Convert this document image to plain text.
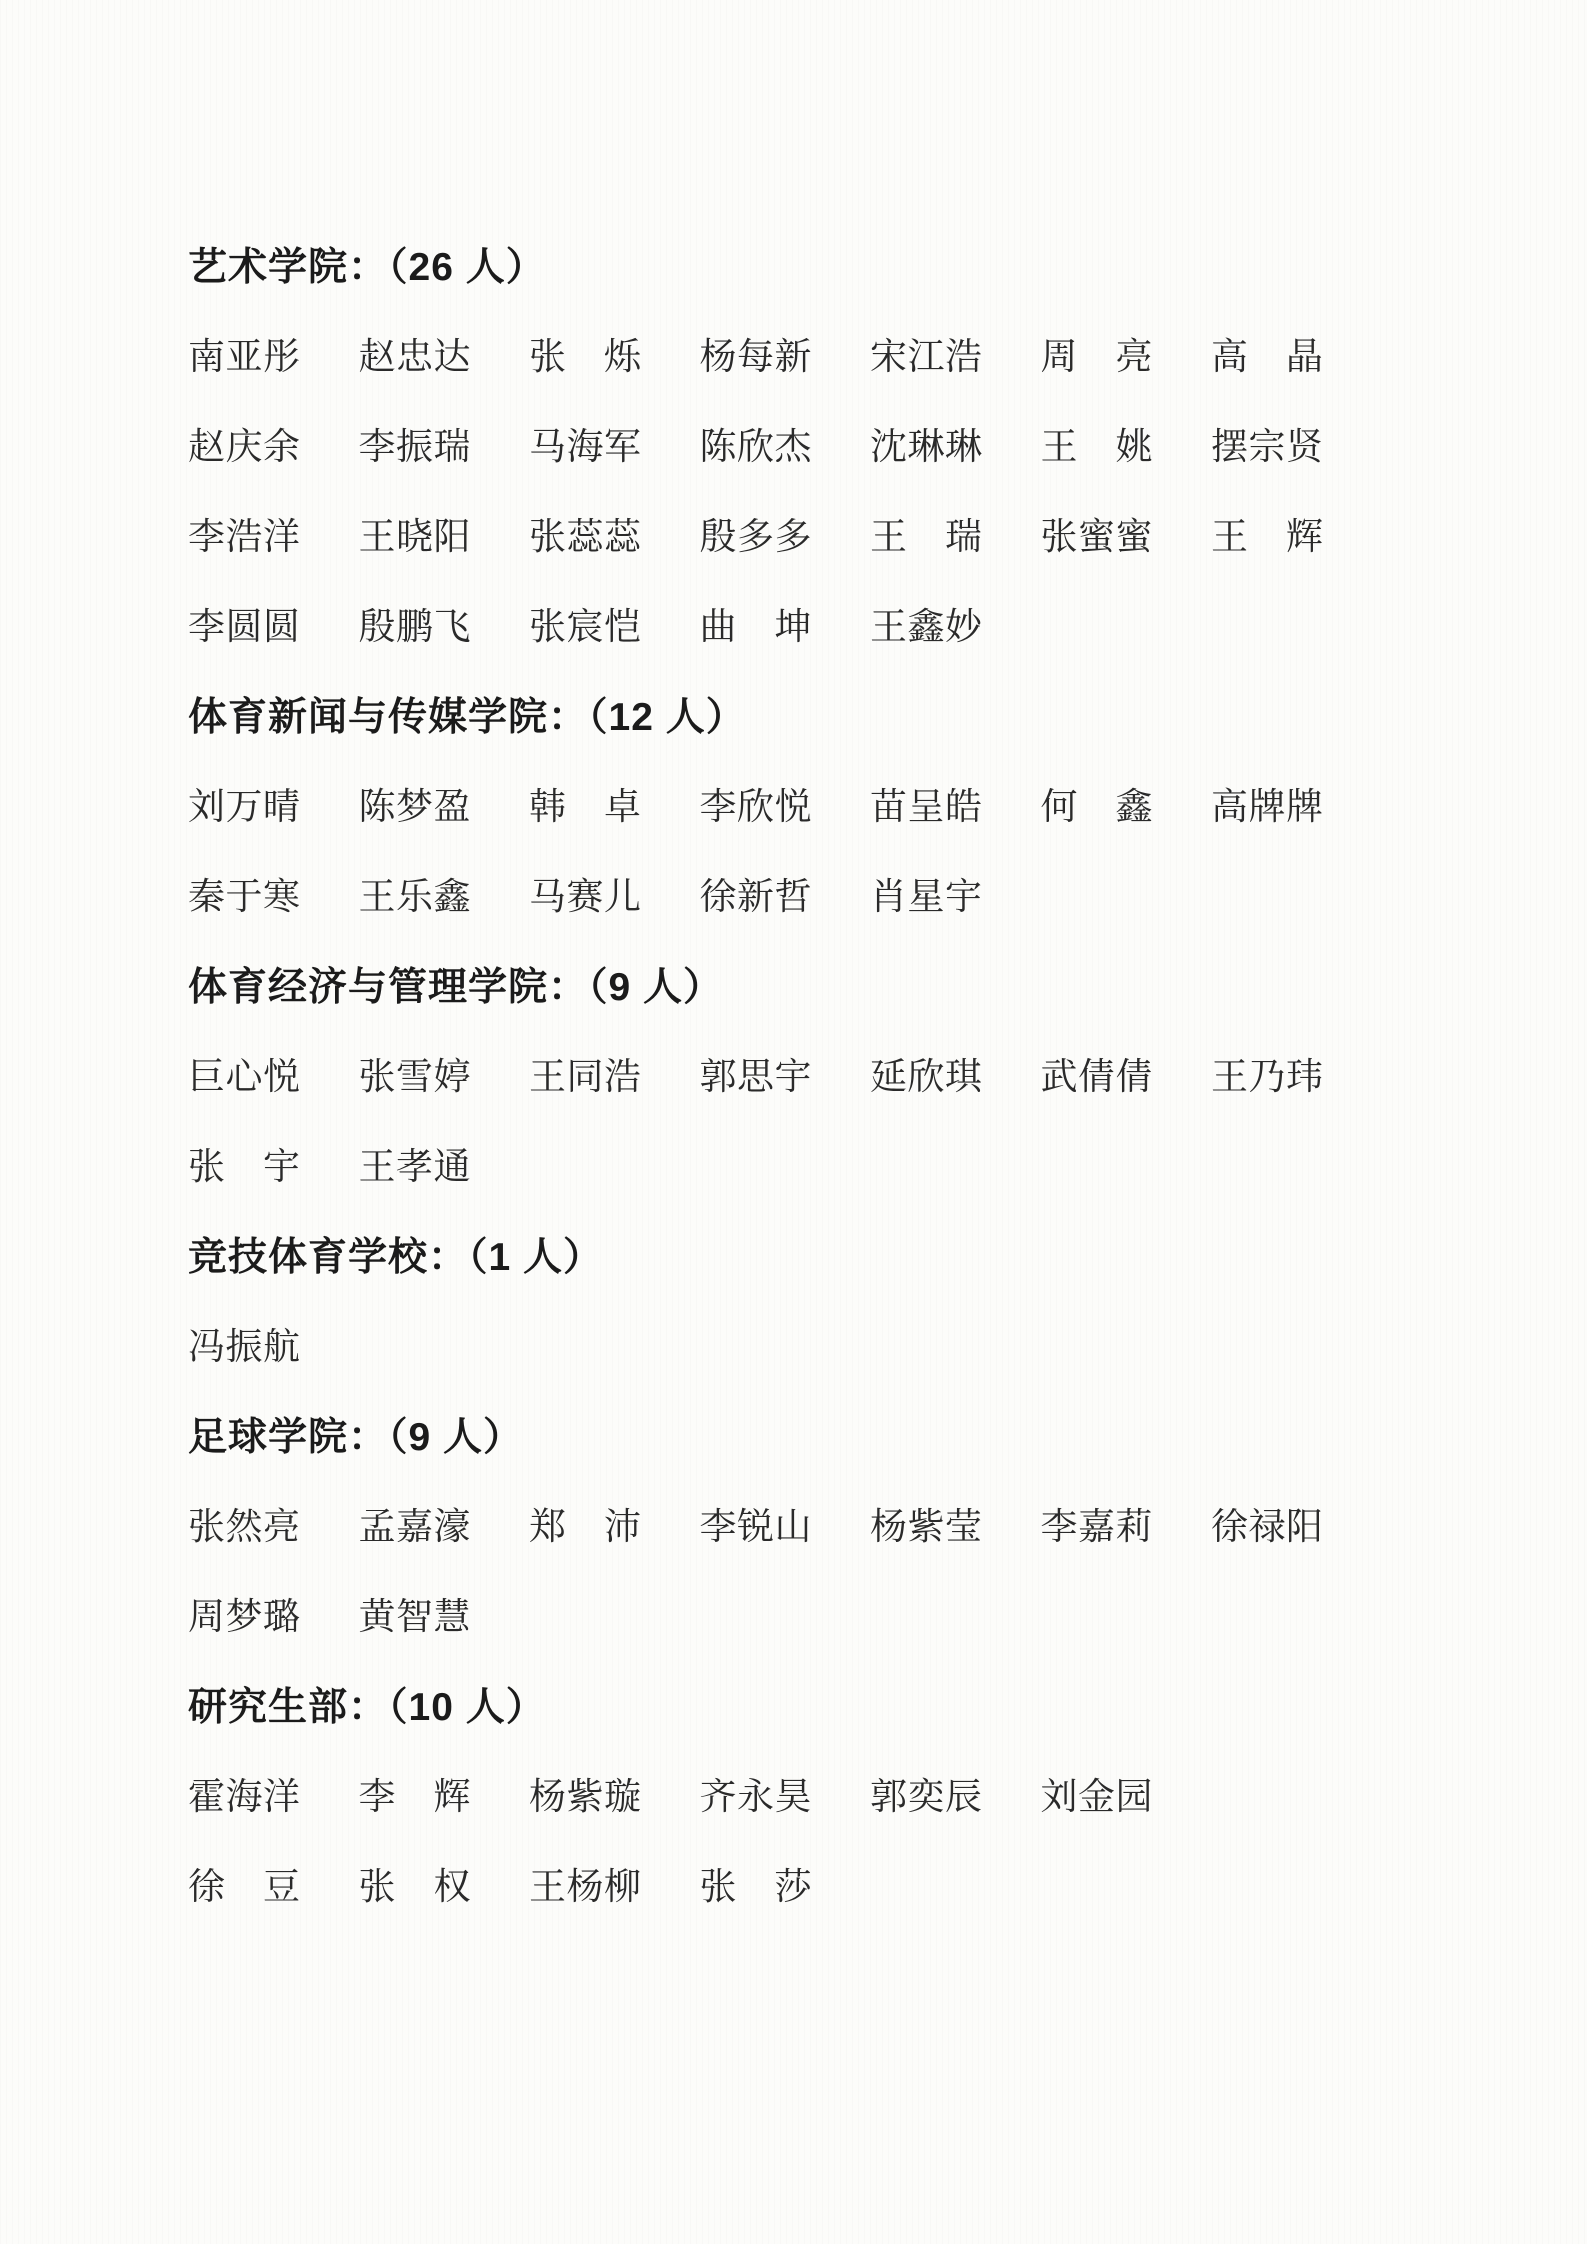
艺术学院：（26 人）
南亚彤 赵忠达 张　烁 杨每新 宋江浩 周　亮 高　晶
赵庆余 李振瑞 马海军 陈欣杰 沈琳琳 王　姚 摆宗贤
李浩洋 王晓阳 张蕊蕊 殷多多 王　瑞 张蜜蜜 王　辉
李圆圆 殷鹏飞 张宸恺 曲　坤 王鑫妙
体育新闻与传媒学院：（12 人）
刘万晴 陈梦盈 韩　卓 李欣悦 苗呈皓 何　鑫 高牌牌
秦于寒 王乐鑫 马赛儿 徐新哲 肖星宇
体育经济与管理学院：（9 人）
巨心悦 张雪婷 王同浩 郭思宇 延欣琪 武倩倩 王乃玮
张　宇 王孝通
竞技体育学校：（1 人）
冯振航
足球学院：（9 人）
张然亮 孟嘉濠 郑　沛 李锐山 杨紫莹 李嘉莉 徐禄阳
周梦璐 黄智慧
研究生部：（10 人）
霍海洋 李　辉 杨紫璇 齐永昊 郭奕辰 刘金园
徐　豆 张　权 王杨柳 张　莎
